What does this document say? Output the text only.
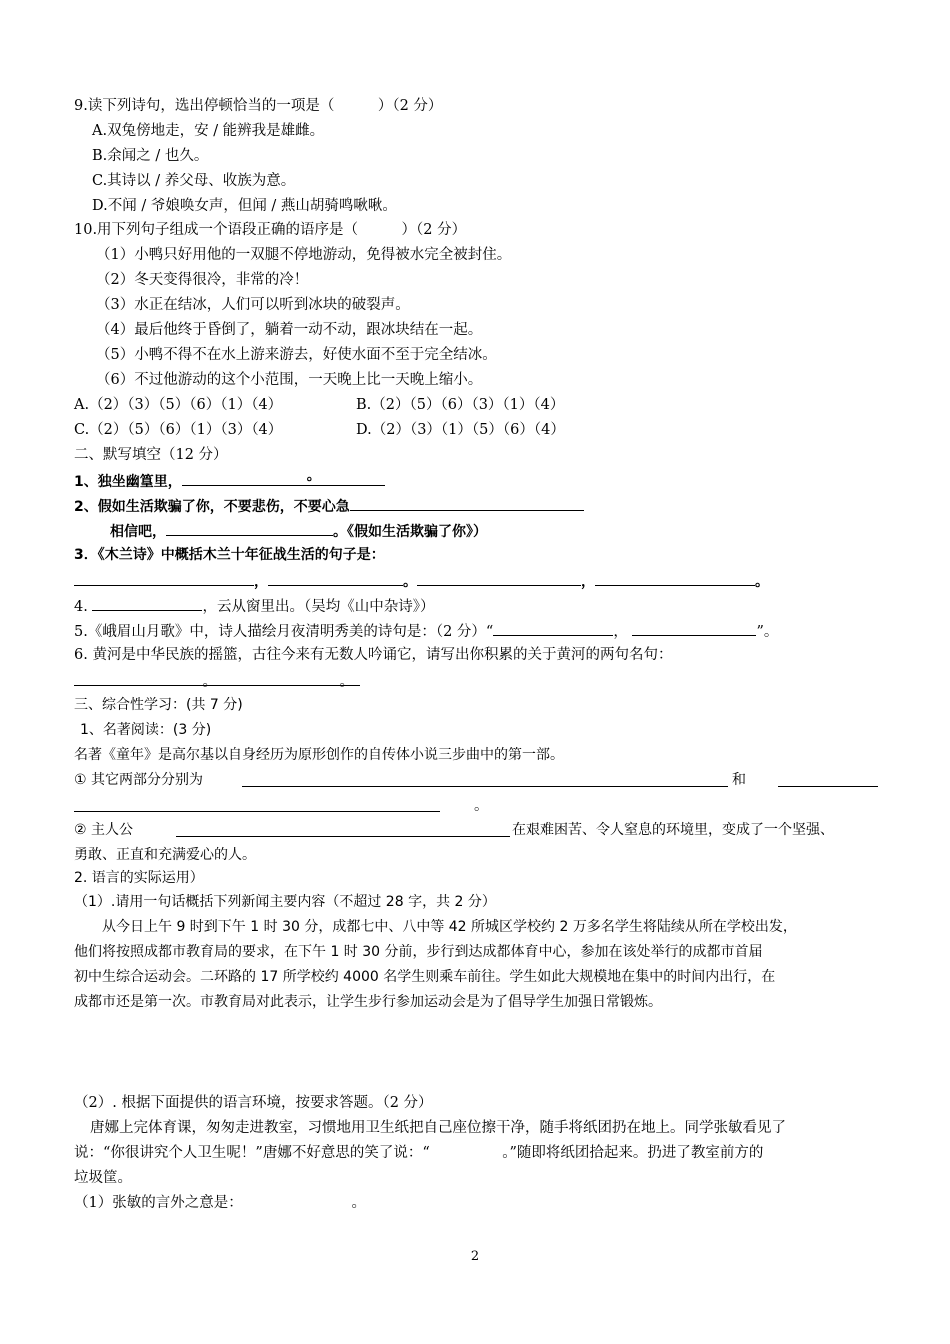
9.读下列诗句，选出停顿恰当的一项是（　　　）（2 分）
A.双兔傍地走，安 / 能辨我是雄雌。
B.余闻之 / 也久。
C.其诗以 / 养父母、收族为意。
D.不闻 / 爷娘唤女声，但闻 / 燕山胡骑鸣啾啾。
10.用下列句子组成一个语段正确的语序是（　　　）（2 分）
（1）小鸭只好用他的一双腿不停地游动，免得被水完全被封住。
（2）冬天变得很冷，非常的冷！
（3）水正在结冰，人们可以听到冰块的破裂声。
（4）最后他终于昏倒了，躺着一动不动，跟冰块结在一起。
（5）小鸭不得不在水上游来游去，好使水面不至于完全结冰。
（6）不过他游动的这个小范围，一天晚上比一天晚上缩小。
A.（2）（3）（5）（6）（1）（4）	B.（2）（5）（6）（3）（1）（4）
C.（2）（5）（6）（1）（3）（4）	D.（2）（3）（1）（5）（6）（4）
二、默写填空（12 分）
1、独坐幽篁里，	。
2、假如生活欺骗了你，不要悲伤，不要心急
相信吧，	。《假如生活欺骗了你》）
3．《木兰诗》中概括木兰十年征战生活的句子是：
，	。	，	。
4.	，云从窗里出。（吴均《山中杂诗》）
5.《峨眉山月歌》中，诗人描绘月夜清明秀美的诗句是：（2 分）“	，	”。
6. 黄河是中华民族的摇篮，古往今来有无数人吟诵它，请写出你积累的关于黄河的两句名句：
。	。
三、综合性学习：(共 7 分)
1、名著阅读：(3 分)
名著《童年》是高尔基以自身经历为原形创作的自传体小说三步曲中的第一部。
① 其它两部分分别为	和
。
② 主人公	在艰难困苦、令人窒息的环境里，变成了一个坚强、
勇敢、正直和充满爱心的人。
2. 语言的实际运用）
（1）.请用一句话概括下列新闻主要内容（不超过 28 字，共 2 分）
从今日上午 9 时到下午 1 时 30 分，成都七中、八中等 42 所城区学校约 2 万多名学生将陆续从所在学校出发，
他们将按照成都市教育局的要求，在下午 1 时 30 分前，步行到达成都体育中心，参加在该处举行的成都市首届
初中生综合运动会。二环路的 17 所学校约 4000 名学生则乘车前往。学生如此大规模地在集中的时间内出行，在
成都市还是第一次。市教育局对此表示，让学生步行参加运动会是为了倡导学生加强日常锻炼。
（2）. 根据下面提供的语言环境，按要求答题。（2 分）
唐娜上完体育课，匆匆走进教室，习惯地用卫生纸把自己座位擦干净，随手将纸团扔在地上。同学张敏看见了
说：“你很讲究个人卫生呢！”唐娜不好意思的笑了说：“　　　　　。”随即将纸团拾起来。扔进了教室前方的
垃圾筐。
（1）张敏的言外之意是：　　　　　　　　。
2
